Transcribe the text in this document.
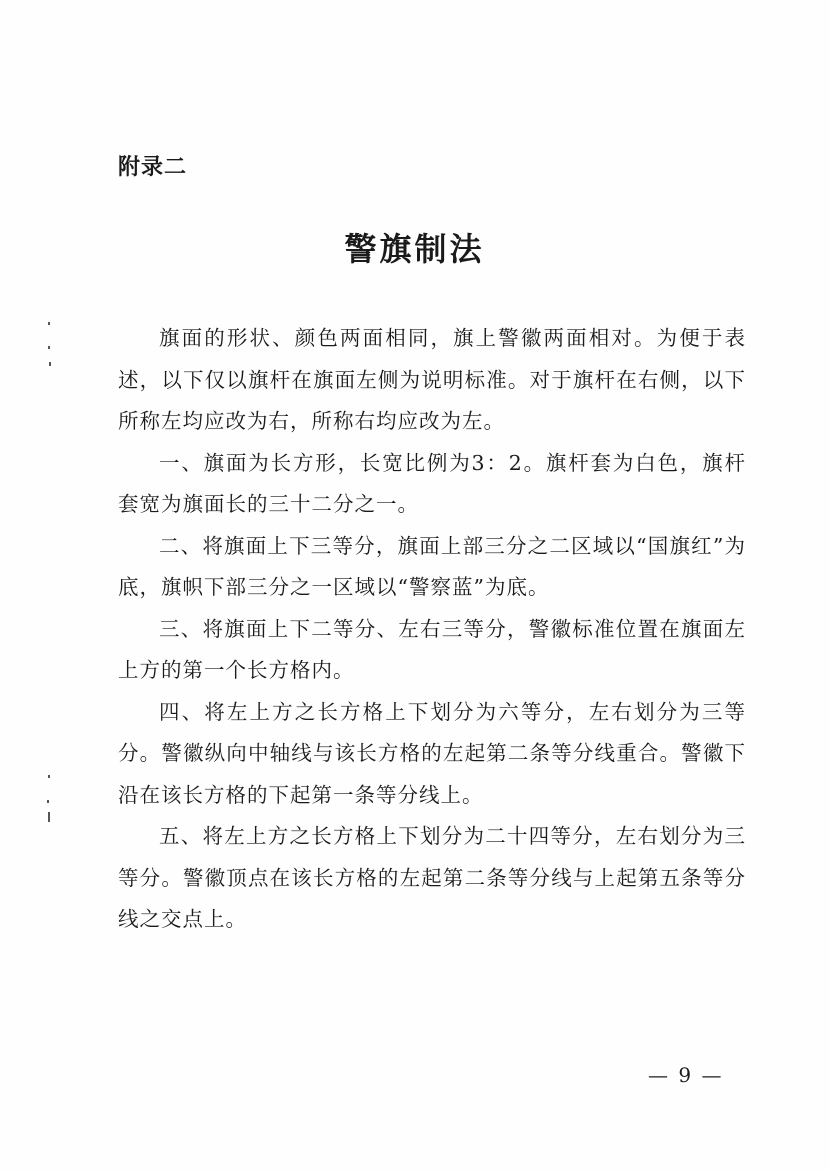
附录二
警旗制法

旗面的形状、颜色两面相同，旗上警徽两面相对。为便于表述，以下仅以旗杆在旗面左侧为说明标准。对于旗杆在右侧，以下所称左均应改为右，所称右均应改为左。

一、旗面为长方形，长宽比例为3：2。旗杆套为白色，旗杆套宽为旗面长的三十二分之一。

二、将旗面上下三等分，旗面上部三分之二区域以“国旗红”为底，旗帜下部三分之一区域以“警察蓝”为底。

三、将旗面上下二等分、左右三等分，警徽标准位置在旗面左上方的第一个长方格内。

四、将左上方之长方格上下划分为六等分，左右划分为三等分。警徽纵向中轴线与该长方格的左起第二条等分线重合。警徽下沿在该长方格的下起第一条等分线上。

五、将左上方之长方格上下划分为二十四等分，左右划分为三等分。警徽顶点在该长方格的左起第二条等分线与上起第五条等分线之交点上。

— 9 —
